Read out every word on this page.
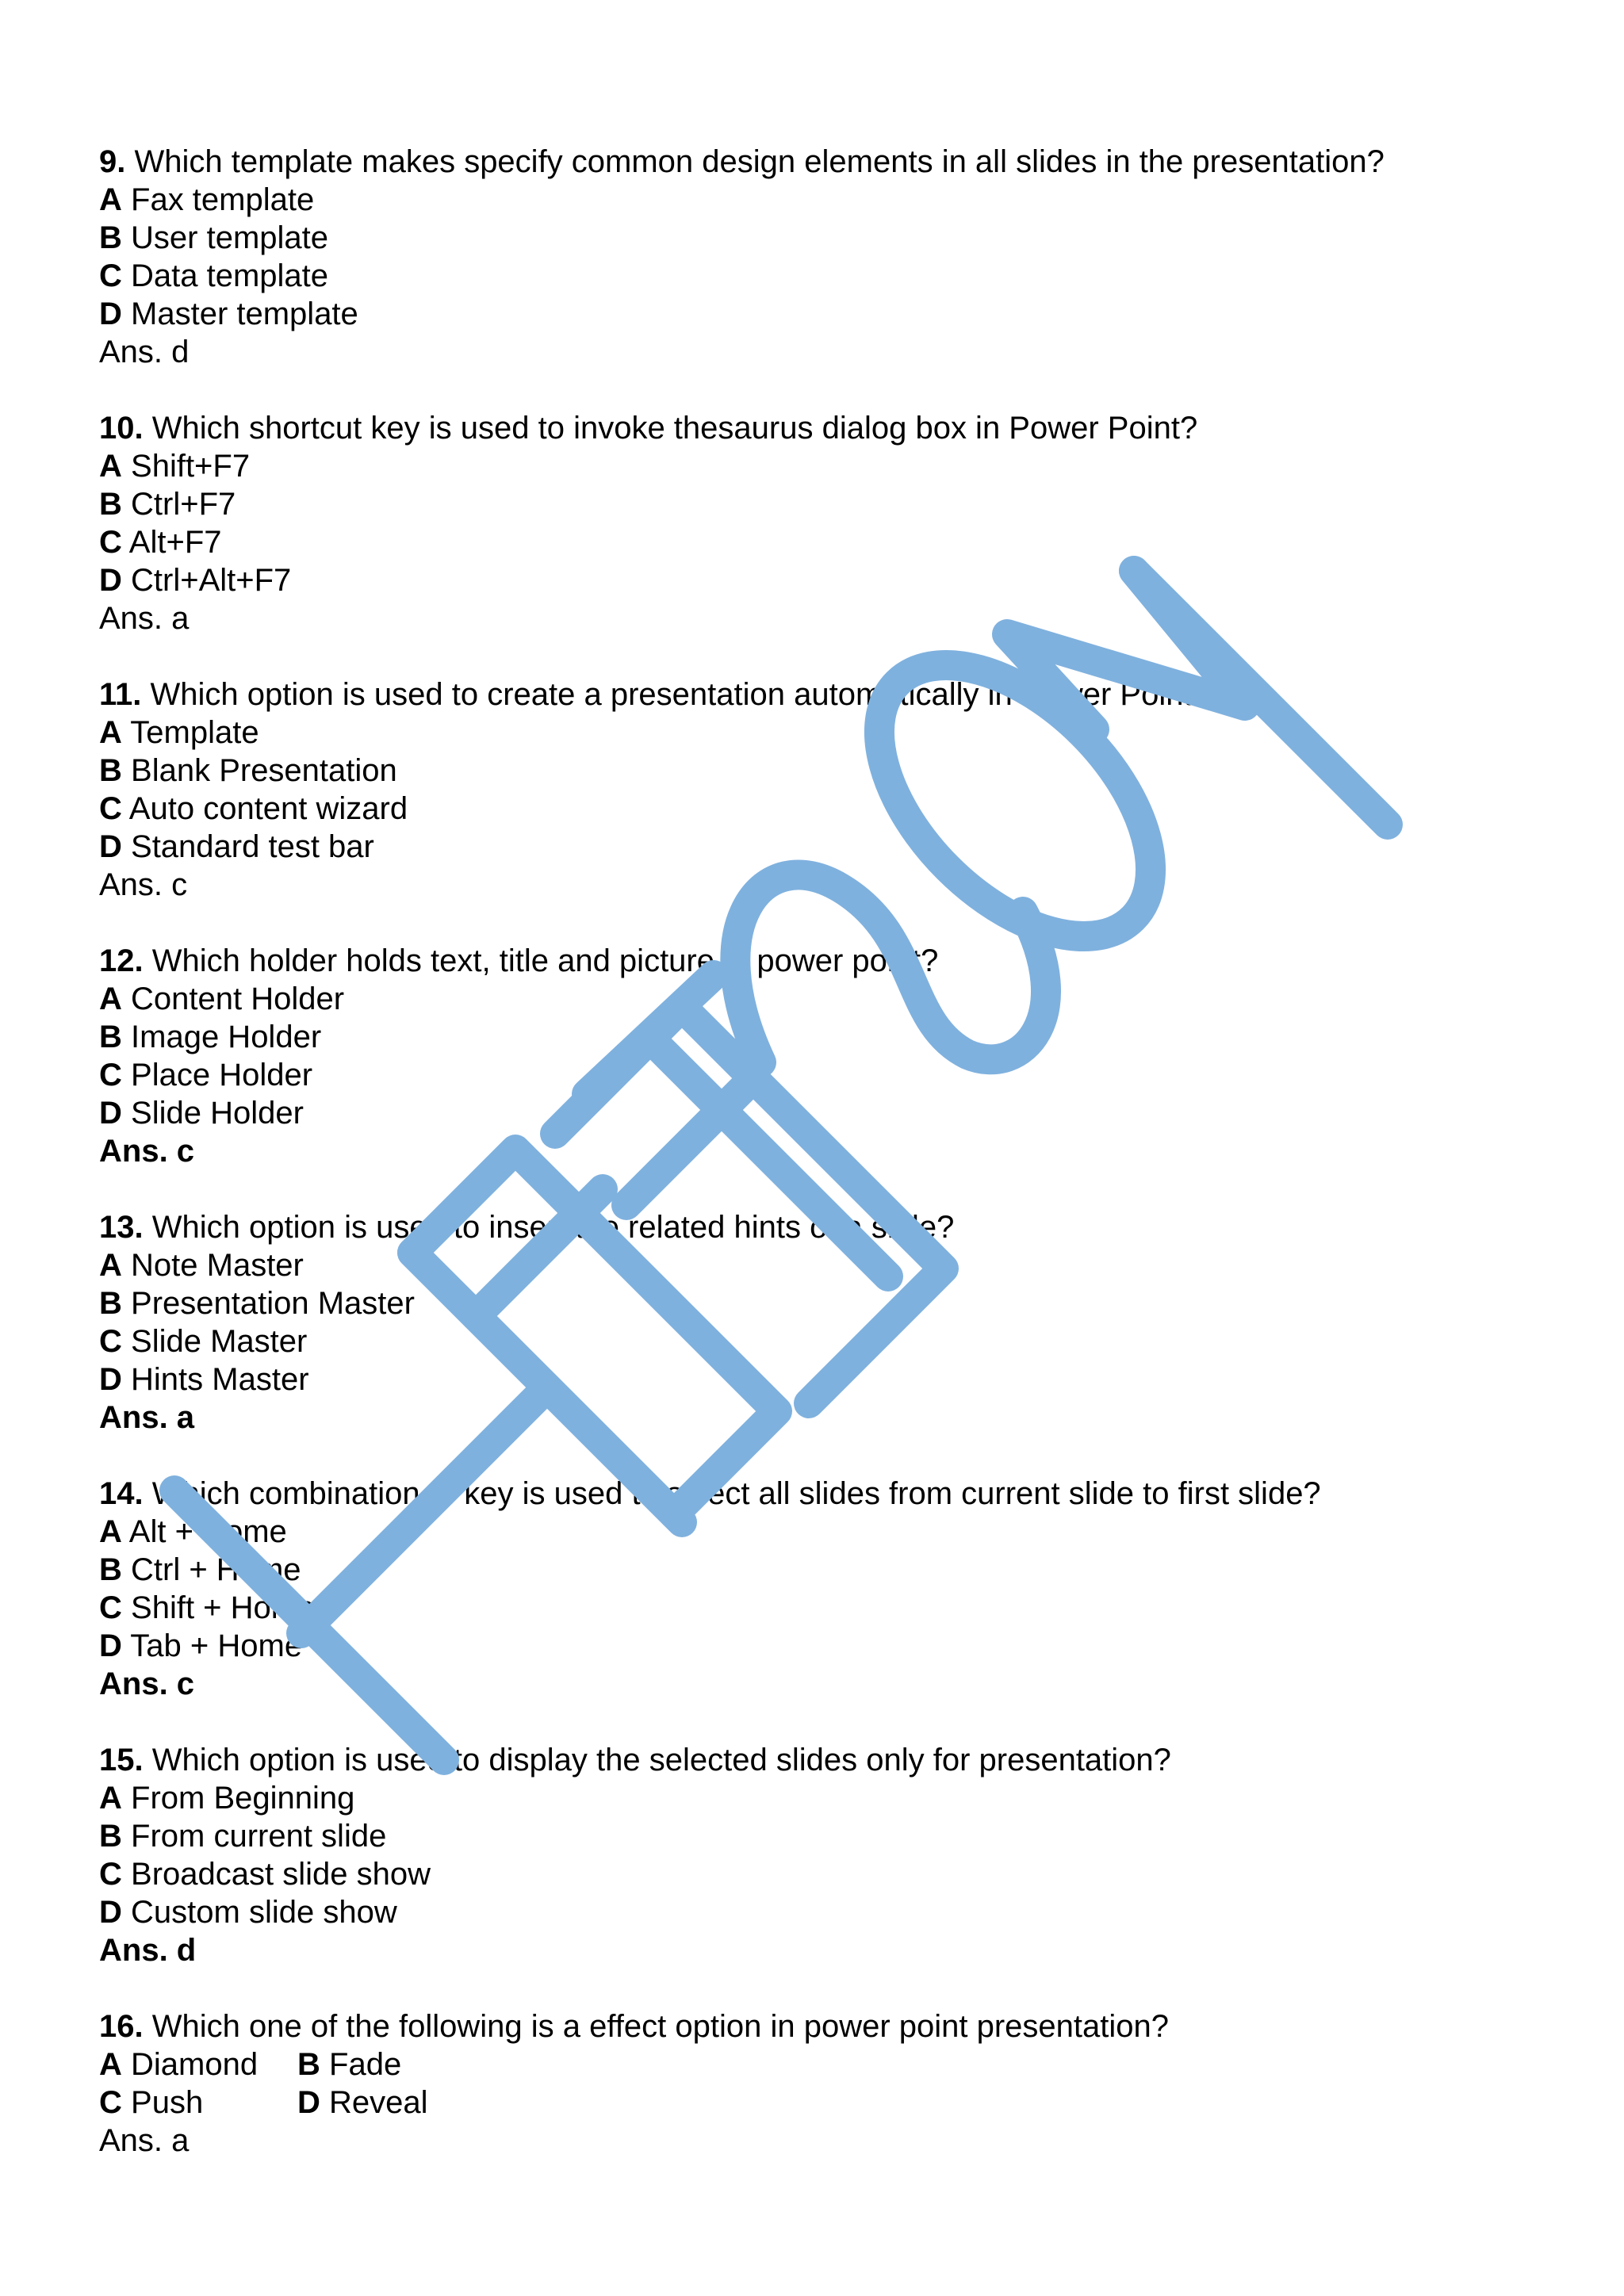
9. Which template makes specify common design elements in all slides in the presentation?
A Fax template
B User template
C Data template
D Master template
Ans. d
10. Which shortcut key is used to invoke thesaurus dialog box in Power Point?
A Shift+F7
B Ctrl+F7
C Alt+F7
D Ctrl+Alt+F7
Ans. a
11. Which option is used to create a presentation automatically in Power Point?
A Template
B Blank Presentation
C Auto content wizard
D Standard test bar
Ans. c
12. Which holder holds text, title and picture in power point?
A Content Holder
B Image Holder
C Place Holder
D Slide Holder
Ans. c
13. Which option is used to insert the related hints of a slide?
A Note Master
B Presentation Master
C Slide Master
D Hints Master
Ans. a
14. Which combination of key is used to select all slides from current slide to first slide?
A Alt + Home
B Ctrl + Home
C Shift + Home
D Tab + Home
Ans. c
15. Which option is used to display the selected slides only for presentation?
A From Beginning
B From current slide
C Broadcast slide show
D Custom slide show
Ans. d
16. Which one of the following is a effect option in power point presentation?
A Diamond	B Fade
C Push	D Reveal
Ans. a
